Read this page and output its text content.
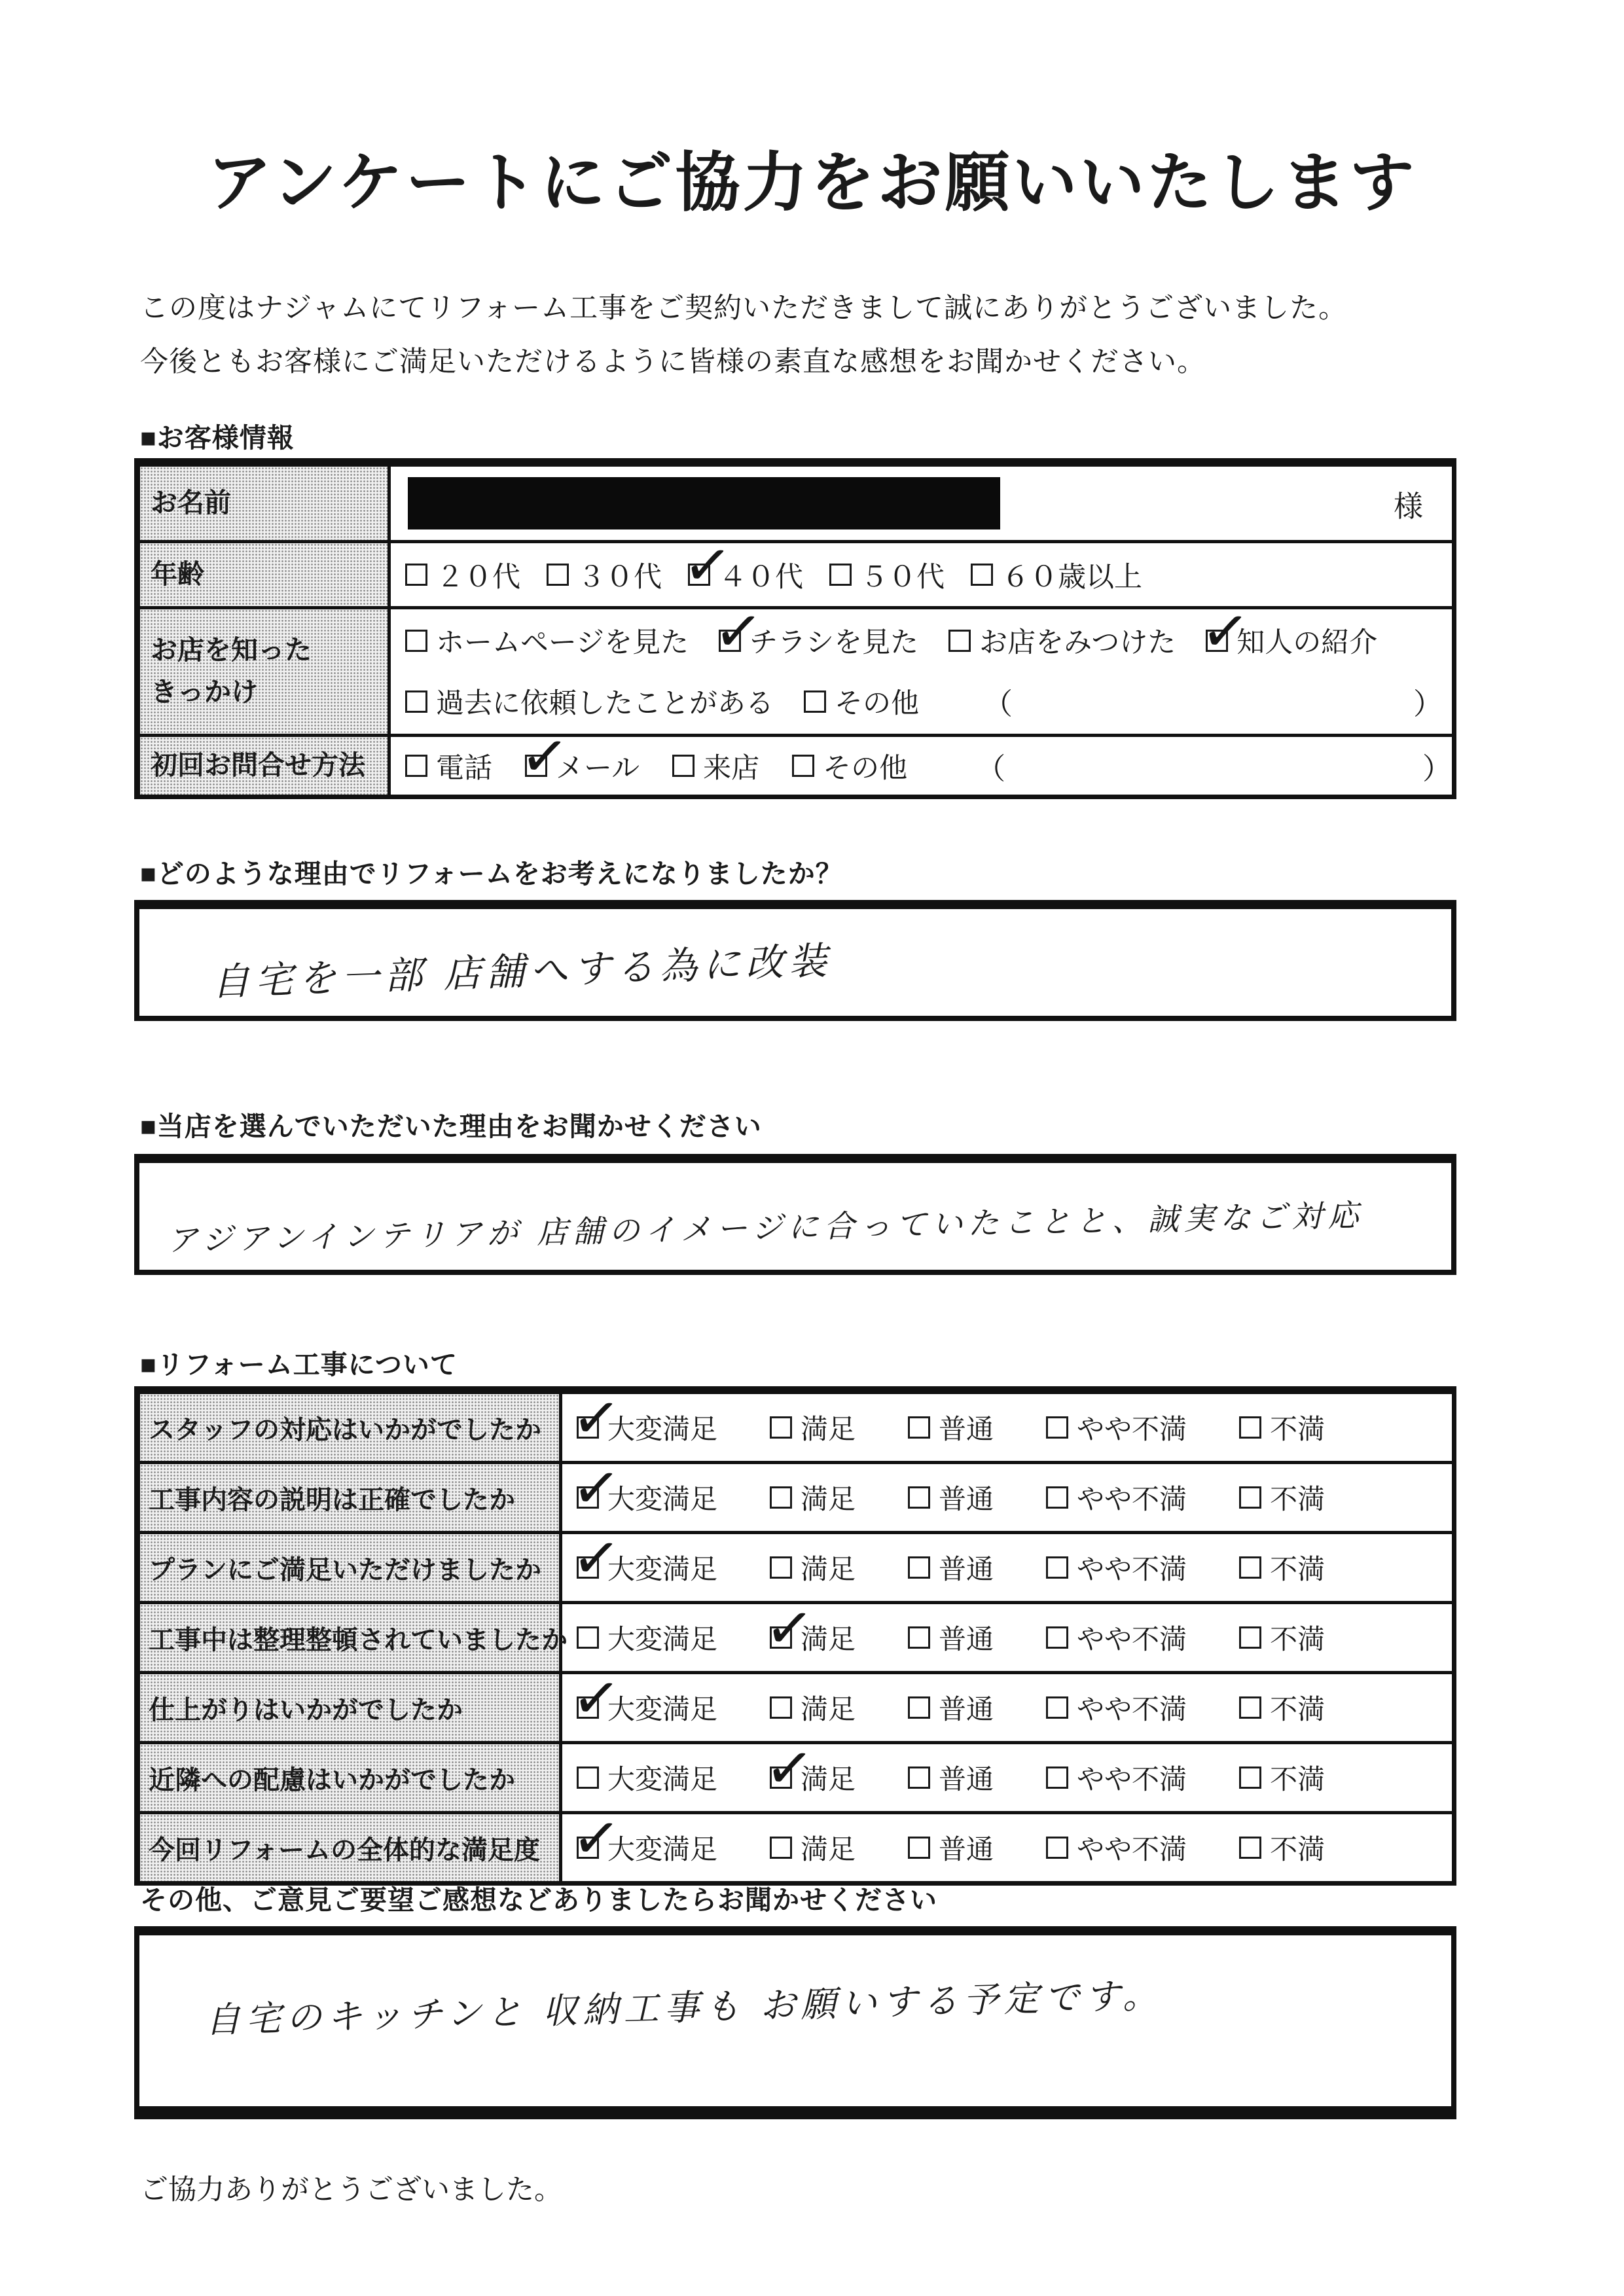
アンケートにご協力をお願いいたします
この度はナジャムにてリフォーム工事をご契約いただきまして誠にありがとうございました。
今後ともお客様にご満足いただけるように皆様の素直な感想をお聞かせください。
■お客様情報
お名前	様
年齢	２０代 ３０代 ✓ ４０代 ５０代 ６０歳以上
お店を知った
きっかけ
ホームページを見た ✓ チラシを見た お店をみつけた ✓ 知人の紹介
過去に依頼したことがある その他 （	）
初回お問合せ方法	電話 ✓ メール 来店 その他 （	）
■どのような理由でリフォームをお考えになりましたか？
自宅を一部 店舗へする為に改装
■当店を選んでいただいた理由をお聞かせください
アジアンインテリアが 店舗のイメージに合っていたことと、誠実なご対応
■リフォーム工事について
スタッフの対応はいかがでしたか ✓	大変満足	満足	普通	やや不満	不満
工事内容の説明は正確でしたか ✓	大変満足	満足	普通	やや不満	不満
プランにご満足いただけましたか ✓	大変満足	満足	普通	やや不満	不満
工事中は整理整頓されていましたか 大変満足 ✓	満足	普通	やや不満	不満
仕上がりはいかがでしたか ✓	大変満足	満足	普通	やや不満	不満
近隣への配慮はいかがでしたか	大変満足 ✓	満足	普通	やや不満	不満
今回リフォームの全体的な満足度 ✓	大変満足	満足	普通	やや不満	不満
その他、ご意見ご要望ご感想などありましたらお聞かせください
自宅のキッチンと 収納工事も お願いする予定です。
ご協力ありがとうございました。
